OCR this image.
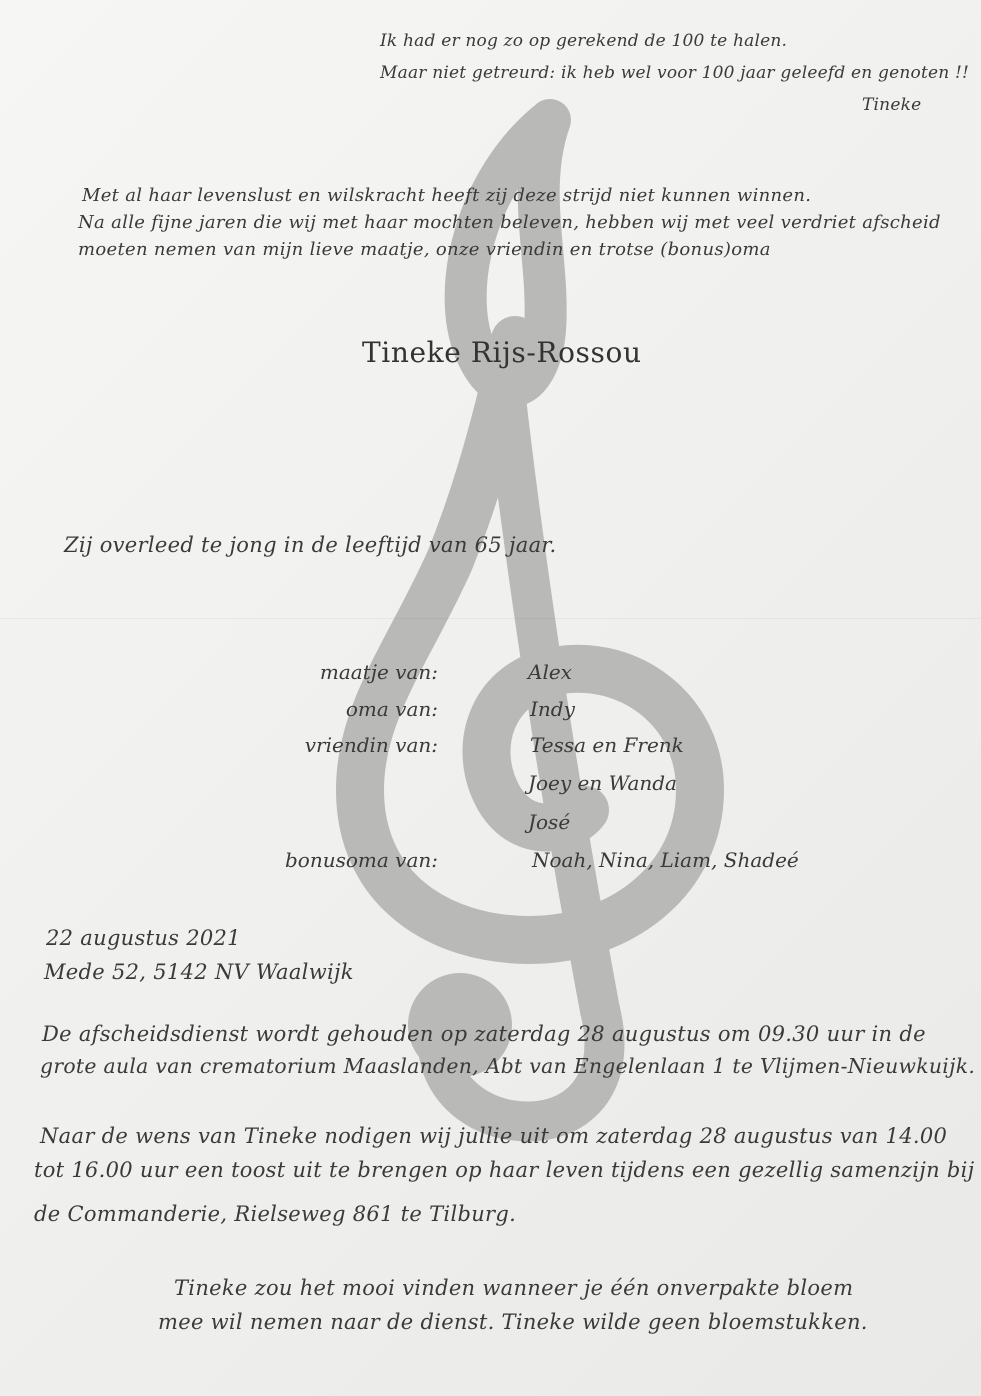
Ik had er nog zo op gerekend de 100 te halen.
Maar niet getreurd: ik heb wel voor 100 jaar geleefd en genoten !!
Tineke
Met al haar levenslust en wilskracht heeft zij deze strijd niet kunnen winnen.
Na alle fijne jaren die wij met haar mochten beleven, hebben wij met veel verdriet afscheid
moeten nemen van mijn lieve maatje, onze vriendin en trotse (bonus)oma
Tineke Rijs-Rossou
Zij overleed te jong in de leeftijd van 65 jaar.
maatje van:	Alex
oma van:	Indy
vriendin van:	Tessa en Frenk
Joey en Wanda
José
bonusoma van:	Noah, Nina, Liam, Shadeé
22 augustus 2021
Mede 52, 5142 NV Waalwijk
De afscheidsdienst wordt gehouden op zaterdag 28 augustus om 09.30 uur in de
grote aula van crematorium Maaslanden, Abt van Engelenlaan 1 te Vlijmen-Nieuwkuijk.
Naar de wens van Tineke nodigen wij jullie uit om zaterdag 28 augustus van 14.00
tot 16.00 uur een toost uit te brengen op haar leven tijdens een gezellig samenzijn bij
de Commanderie, Rielseweg 861 te Tilburg.
Tineke zou het mooi vinden wanneer je één onverpakte bloem
mee wil nemen naar de dienst. Tineke wilde geen bloemstukken.
